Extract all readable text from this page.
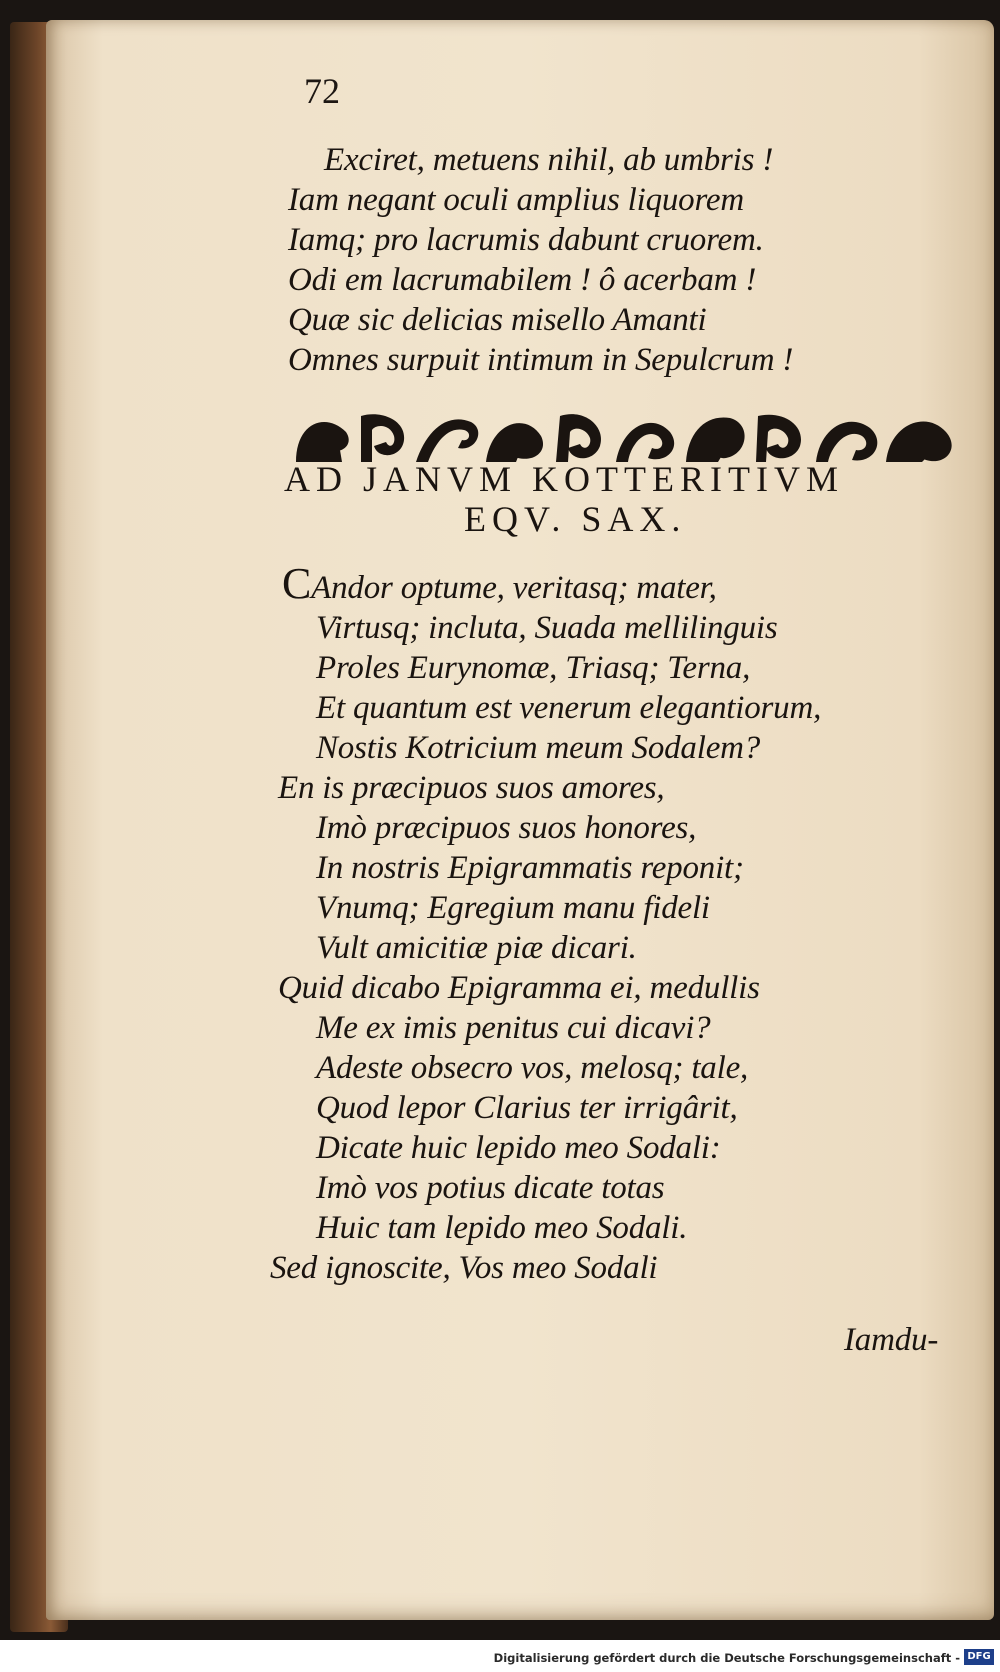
72
Exciret, metuens nihil, ab umbris !
Iam negant oculi amplius liquorem
Iamq; pro lacrumis dabunt cruorem.
Odi em lacrumabilem ! ô acerbam !
Quæ sic delicias misello Amanti
Omnes surpuit intimum in Sepulcrum !
AD JANVM KOTTERITIVM
EQV. SAX.
CAndor optume, veritasq; mater,
Virtusq; incluta, Suada mellilinguis
Proles Eurynomæ, Triasq; Terna,
Et quantum est venerum elegantiorum,
Nostis Kotricium meum Sodalem?
En is præcipuos suos amores,
Imò præcipuos suos honores,
In nostris Epigrammatis reponit;
Vnumq; Egregium manu fideli
Vult amicitiæ piæ dicari.
Quid dicabo Epigramma ei, medullis
Me ex imis penitus cui dicavi?
Adeste obsecro vos, melosq; tale,
Quod lepor Clarius ter irrigârit,
Dicate huic lepido meo Sodali:
Imò vos potius dicate totas
Huic tam lepido meo Sodali.
Sed ignoscite, Vos meo Sodali
Iamdu-
Digitalisierung gefördert durch die Deutsche Forschungsgemeinschaft - DFG
